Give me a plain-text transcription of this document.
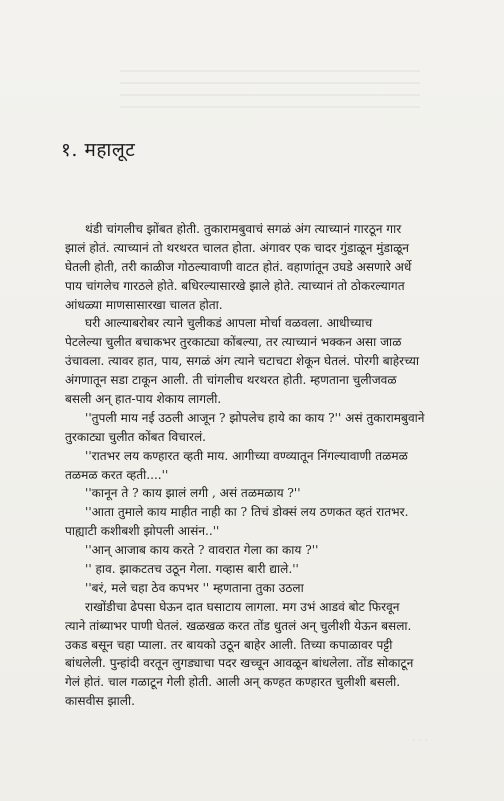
१. महालूट
थंडी चांगलीच झोंबत होती. तुकारामबुवाचं सगळं अंग त्याच्यानं गारठून गार
झालं होतं. त्याच्यानं तो थरथरत चालत होता. अंगावर एक चादर गुंडाळून मुंडाळून
घेतली होती, तरी काळीज गोठल्यावाणी वाटत होतं. वहाणांतून उघडे असणारे अर्धे
पाय चांगलेच गारठले होते. बधिरल्यासारखे झाले होते. त्याच्यानं तो ठोकरल्यागत
आंधळ्या माणसासारखा चालत होता.
घरी आल्याबरोबर त्याने चुलीकडं आपला मोर्चा वळवला. आधीच्याच
पेटलेल्या चुलीत बचाकभर तुरकाट्या कोंबल्या, तर त्याच्यानं भक्कन असा जाळ
उंचावला. त्यावर हात, पाय, सगळं अंग त्याने चटाचटा शेकून घेतलं. पोरगी बाहेरच्या
अंगणातून सडा टाकून आली. ती चांगलीच थरथरत होती. म्हणताना चुलीजवळ
बसली अन् हात-पाय शेकाय लागली.
''तुपली माय नई उठली आजून ? झोपलेच हाये का काय ?'' असं तुकारामबुवाने
तुरकाट्या चुलीत कोंबत विचारलं.
''रातभर लय कण्हारत व्हती माय. आगीच्या वण्व्यातून निंगल्यावाणी तळमळ
तळमळ करत व्हती....''
''कानून ते ? काय झालं लगी , असं तळमळाय ?''
''आता तुमाले काय माहीत नाही का ? तिचं डोक्सं लय ठणकत व्हतं रातभर.
पाह्याटी कशीबशी झोपली आसंन..''
''आन् आजाब काय करते ? वावरात गेला का काय ?''
'' हाव. झाकटतच उठून गेला. गव्हास बारी द्याले.''
''बरं, मले चहा ठेव कपभर '' म्हणताना तुका उठला
राखोंडीचा ढेपसा घेऊन दात घसाटाय लागला. मग उभं आडवं बोट फिरवून
त्याने तांब्याभर पाणी घेतलं. खळखळ करत तोंड धुतलं अन् चुलीशी येऊन बसला.
उकड बसून चहा प्याला. तर बायको उठून बाहेर आली. तिच्या कपाळावर पट्टी
बांधलेली. पुन्हांदी वरतून लुगड्याचा पदर खच्चून आवळून बांधलेला. तोंड सोकाटून
गेलं होतं. चाल गळाटून गेली होती. आली अन् कण्हत कण्हारत चुलीशी बसली.
कासवीस झाली.
· · ·
